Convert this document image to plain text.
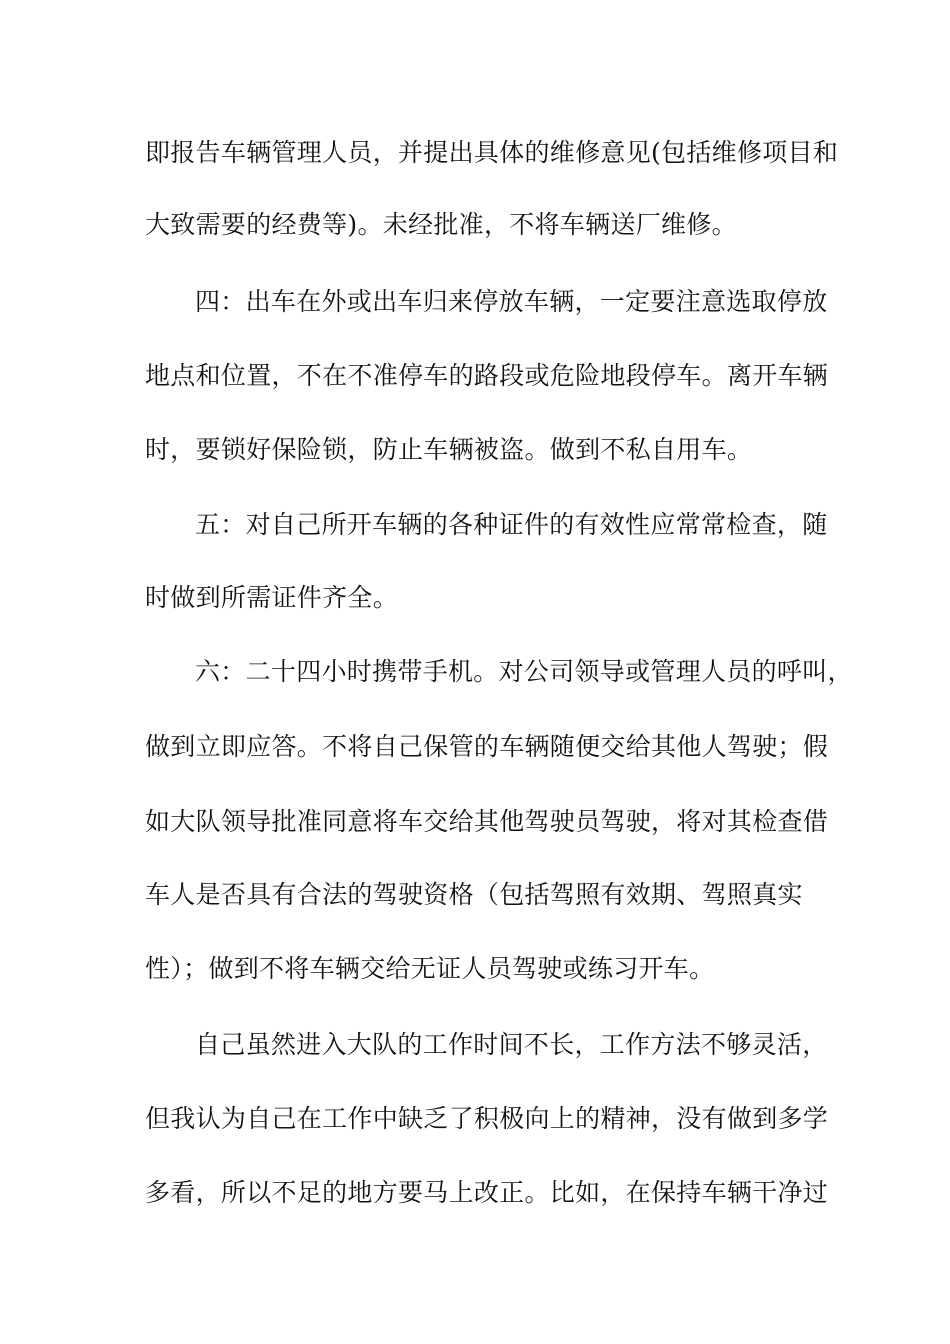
即报告车辆管理人员，并提出具体的维修意见(包括维修项目和
大致需要的经费等)。未经批准，不将车辆送厂维修。
四：出车在外或出车归来停放车辆，一定要注意选取停放
地点和位置，不在不准停车的路段或危险地段停车。离开车辆
时，要锁好保险锁，防止车辆被盗。做到不私自用车。
五：对自己所开车辆的各种证件的有效性应常常检查，随
时做到所需证件齐全。
六：二十四小时携带手机。对公司领导或管理人员的呼叫，
做到立即应答。不将自己保管的车辆随便交给其他人驾驶；假
如大队领导批准同意将车交给其他驾驶员驾驶，将对其检查借
车人是否具有合法的驾驶资格（包括驾照有效期、驾照真实
性）；做到不将车辆交给无证人员驾驶或练习开车。
自己虽然进入大队的工作时间不长，工作方法不够灵活，
但我认为自己在工作中缺乏了积极向上的精神，没有做到多学
多看，所以不足的地方要马上改正。比如，在保持车辆干净过
